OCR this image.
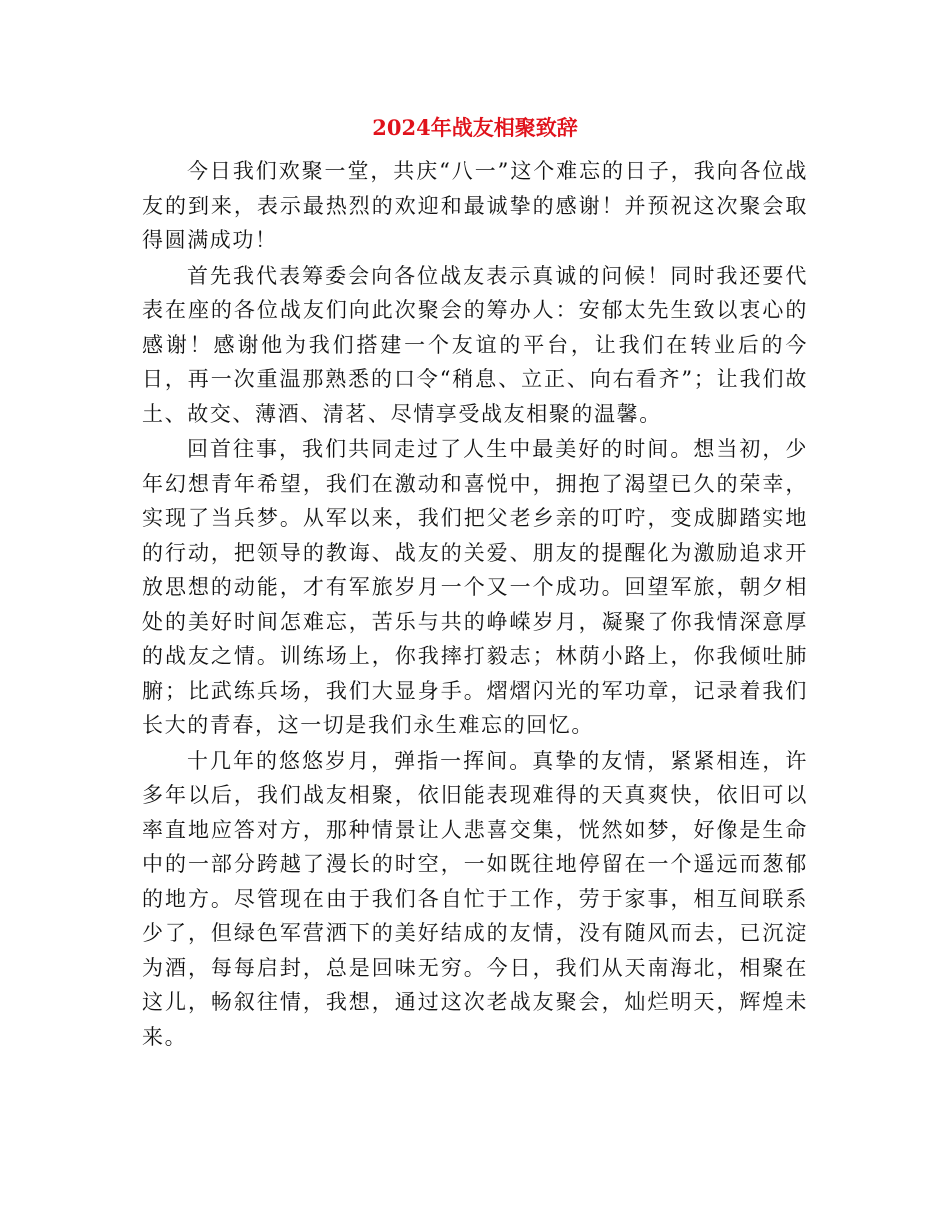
2024年战友相聚致辞

今日我们欢聚一堂，共庆“八一”这个难忘的日子，我向各位战友的到来，表示最热烈的欢迎和最诚挚的感谢！并预祝这次聚会取得圆满成功！

首先我代表筹委会向各位战友表示真诚的问候！同时我还要代表在座的各位战友们向此次聚会的筹办人：安郁太先生致以衷心的感谢！感谢他为我们搭建一个友谊的平台，让我们在转业后的今日，再一次重温那熟悉的口令“稍息、立正、向右看齐”；让我们故土、故交、薄酒、清茗、尽情享受战友相聚的温馨。

回首往事，我们共同走过了人生中最美好的时间。想当初，少年幻想青年希望，我们在激动和喜悦中，拥抱了渴望已久的荣幸，实现了当兵梦。从军以来，我们把父老乡亲的叮咛，变成脚踏实地的行动，把领导的教诲、战友的关爱、朋友的提醒化为激励追求开放思想的动能，才有军旅岁月一个又一个成功。回望军旅，朝夕相处的美好时间怎难忘，苦乐与共的峥嵘岁月，凝聚了你我情深意厚的战友之情。训练场上，你我摔打毅志；林荫小路上，你我倾吐肺腑；比武练兵场，我们大显身手。熠熠闪光的军功章，记录着我们长大的青春，这一切是我们永生难忘的回忆。

十几年的悠悠岁月，弹指一挥间。真挚的友情，紧紧相连，许多年以后，我们战友相聚，依旧能表现难得的天真爽快，依旧可以率直地应答对方，那种情景让人悲喜交集，恍然如梦，好像是生命中的一部分跨越了漫长的时空，一如既往地停留在一个遥远而葱郁的地方。尽管现在由于我们各自忙于工作，劳于家事，相互间联系少了，但绿色军营洒下的美好结成的友情，没有随风而去，已沉淀为酒，每每启封，总是回味无穷。今日，我们从天南海北，相聚在这儿，畅叙往情，我想，通过这次老战友聚会，灿烂明天，辉煌未来。
